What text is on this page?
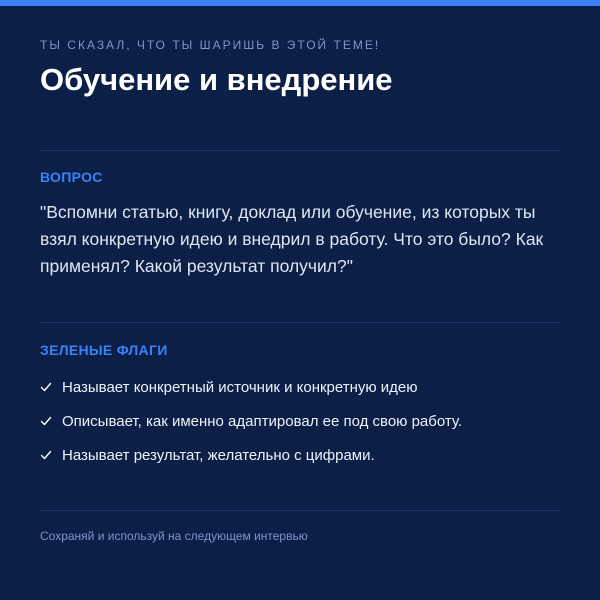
ТЫ СКАЗАЛ, ЧТО ТЫ ШАРИШЬ В ЭТОЙ ТЕМЕ!
Обучение и внедрение
ВОПРОС
"Вспомни статью, книгу, доклад или обучение, из которых ты взял конкретную идею и внедрил в работу. Что это было? Как применял? Какой результат получил?"
ЗЕЛЕНЫЕ ФЛАГИ
Называет конкретный источник и конкретную идею
Описывает, как именно адаптировал ее под свою работу.
Называет результат, желательно с цифрами.
Сохраняй и используй на следующем интервью
